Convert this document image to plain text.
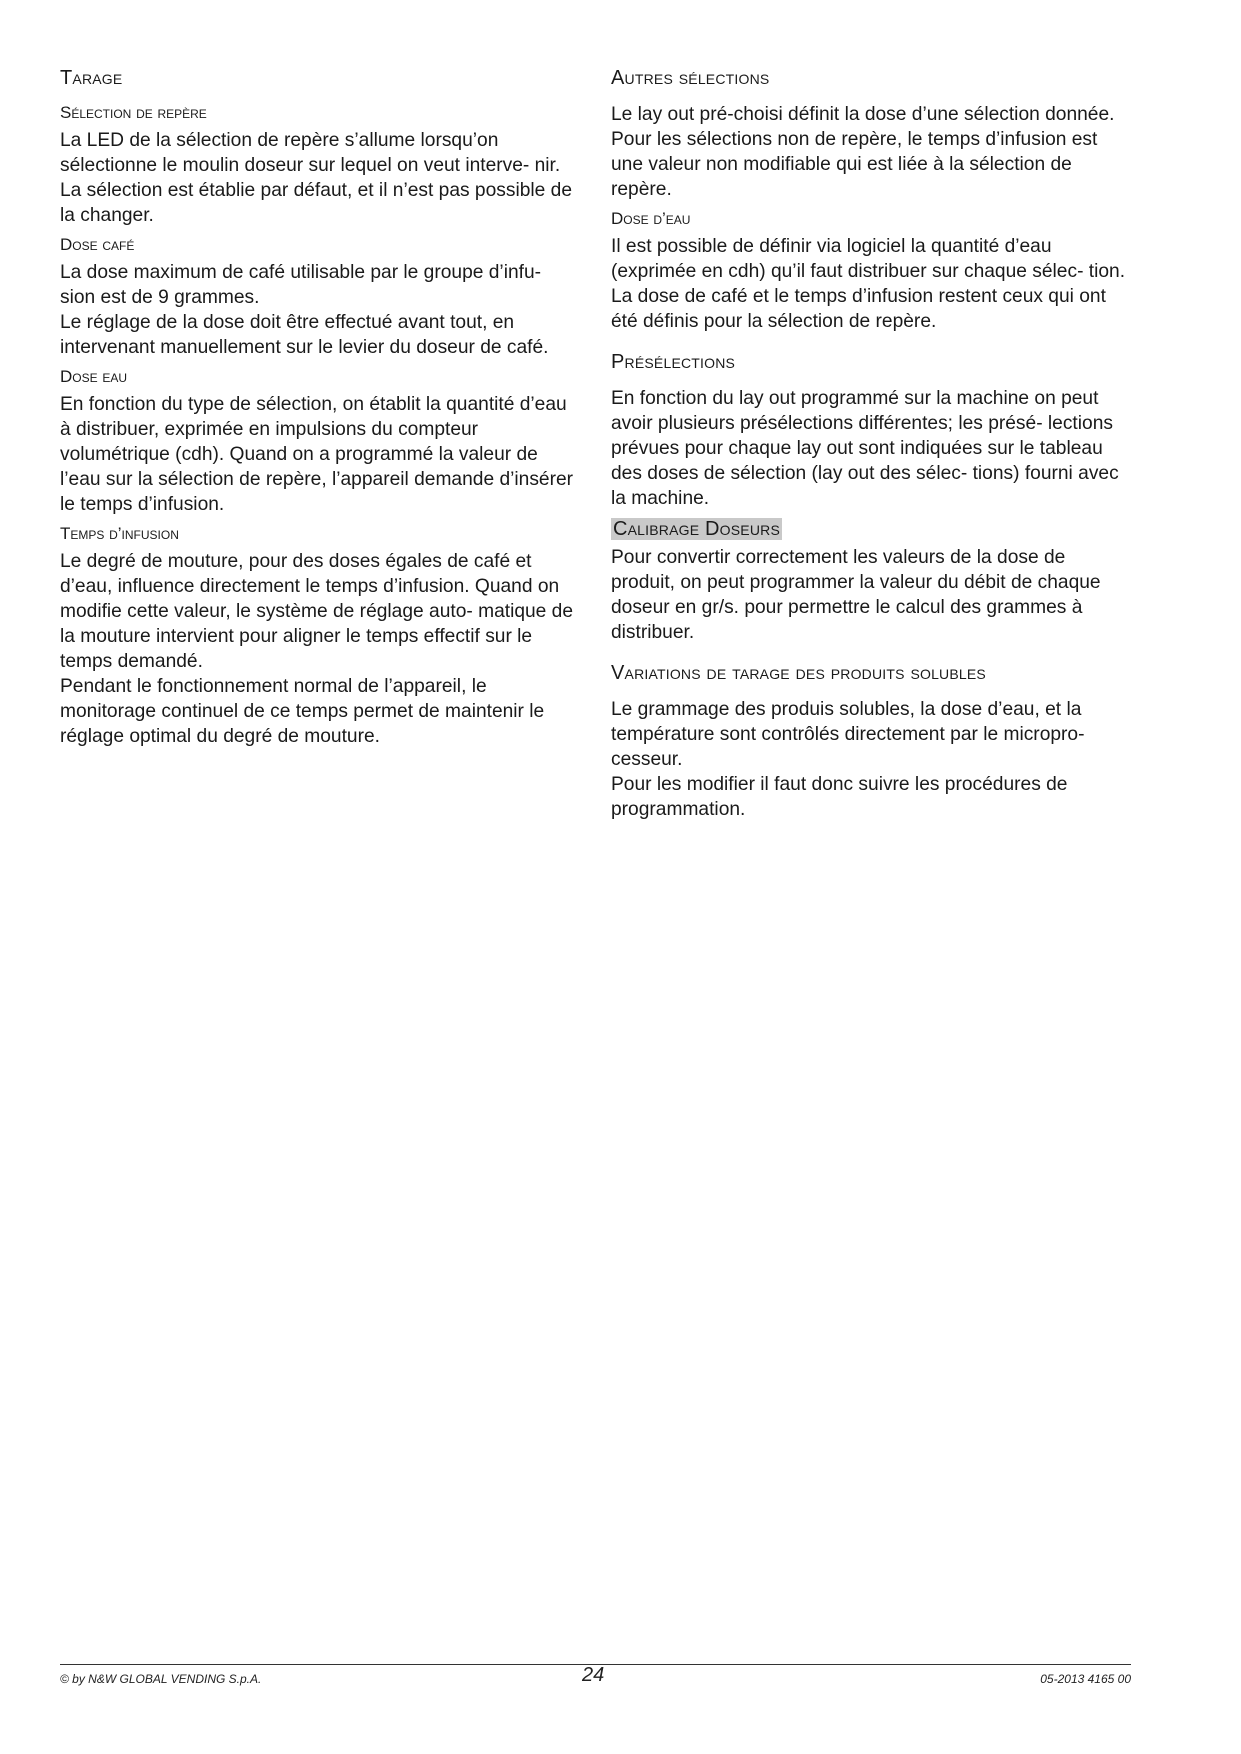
Tarage
Sélection de repère

La LED de la sélection de repère s’allume lorsqu’on sélectionne le moulin doseur sur lequel on veut interve- nir.

La sélection est établie par défaut, et il n’est pas possible de la changer.

Dose café

La dose maximum de café utilisable par le groupe d’infu- sion est de 9 grammes.

Le réglage de la dose doit être effectué avant tout, en intervenant manuellement sur le levier du doseur de café.

Dose eau

En fonction du type de sélection, on établit la quantité d’eau à distribuer, exprimée en impulsions du compteur volumétrique (cdh). Quand on a programmé la valeur de l’eau sur la sélection de repère, l’appareil demande d’insérer le temps d’infusion.

Temps d’infusion

Le degré de mouture, pour des doses égales de café et d’eau, influence directement le temps d’infusion. Quand on modifie cette valeur, le système de réglage auto- matique de la mouture intervient pour aligner le temps effectif sur le temps demandé.

Pendant le fonctionnement normal de l’appareil, le monitorage continuel de ce temps permet de maintenir le réglage optimal du degré de mouture.

Autres sélections

Le lay out pré-choisi définit la dose d’une sélection donnée. Pour les sélections non de repère, le temps d’infusion est une valeur non modifiable qui est liée à la sélection de repère.

Dose d’eau

Il est possible de définir via logiciel la quantité d’eau (exprimée en cdh) qu’il faut distribuer sur chaque sélec- tion. La dose de café et le temps d’infusion restent ceux qui ont été définis pour la sélection de repère.

Présélections

En fonction du lay out programmé sur la machine on peut avoir plusieurs présélections différentes; les présé- lections prévues pour chaque lay out sont indiquées sur le tableau des doses de sélection (lay out des sélec- tions) fourni avec la machine.

Calibrage Doseurs

Pour convertir correctement les valeurs de la dose de produit, on peut programmer la valeur du débit de chaque doseur en gr/s. pour permettre le calcul des grammes à distribuer.

Variations de tarage des produits solubles

Le grammage des produis solubles, la dose d’eau, et la température sont contrôlés directement par le micropro- cesseur.

Pour les modifier il faut donc suivre les procédures de programmation.

© by N&W GLOBAL VENDING S.p.A.	24	05-2013 4165 00
